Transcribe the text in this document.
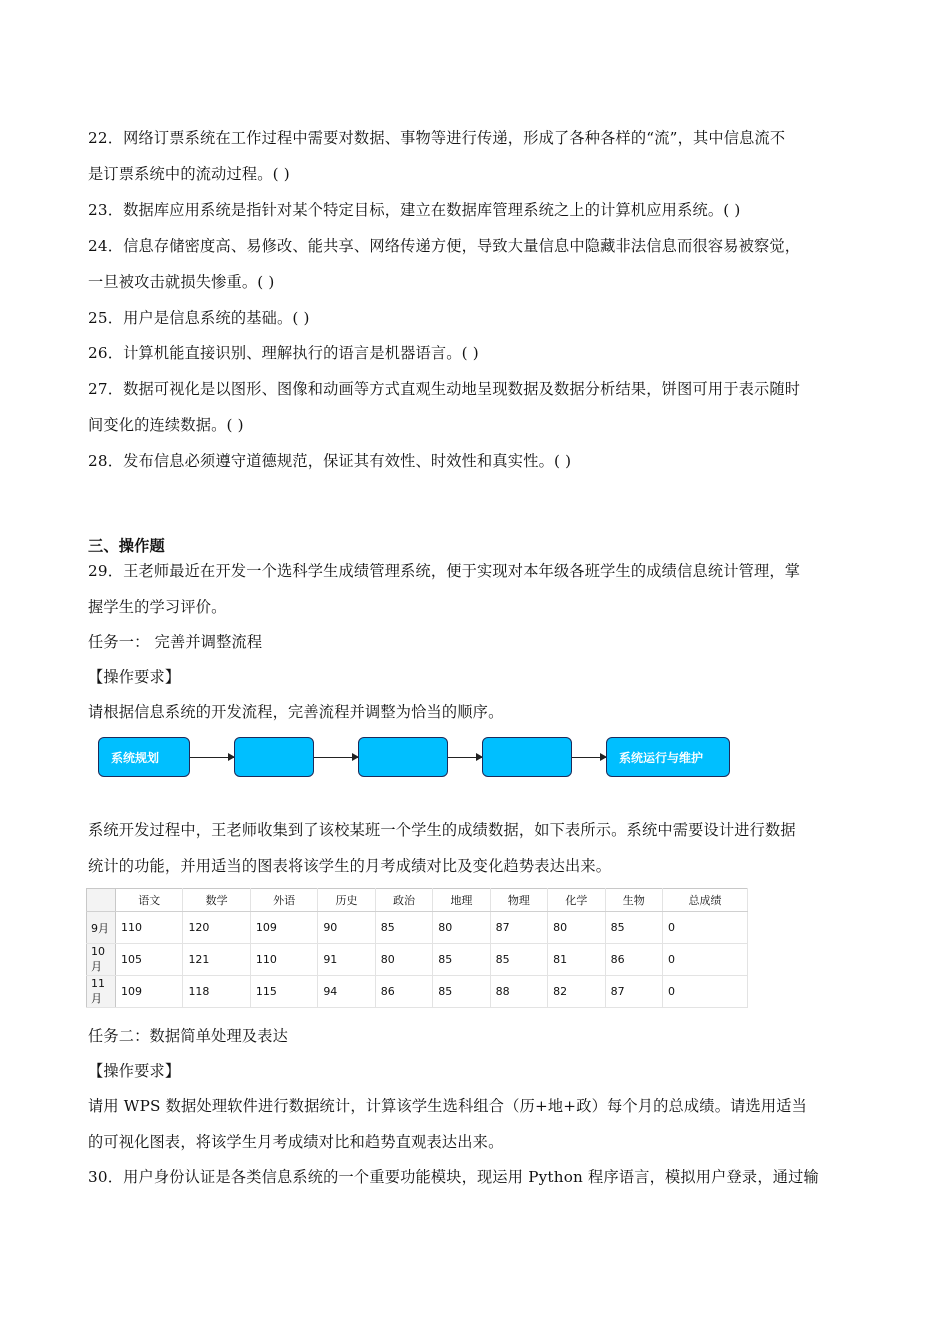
22．网络订票系统在工作过程中需要对数据、事物等进行传递，形成了各种各样的“流”，其中信息流不
是订票系统中的流动过程。( )
23．数据库应用系统是指针对某个特定目标，建立在数据库管理系统之上的计算机应用系统。( )
24．信息存储密度高、易修改、能共享、网络传递方便，导致大量信息中隐藏非法信息而很容易被察觉，
一旦被攻击就损失惨重。( )
25．用户是信息系统的基础。( )
26．计算机能直接识别、理解执行的语言是机器语言。( )
27．数据可视化是以图形、图像和动画等方式直观生动地呈现数据及数据分析结果，饼图可用于表示随时
间变化的连续数据。( )
28．发布信息必须遵守道德规范，保证其有效性、时效性和真实性。( )
三、操作题
29．王老师最近在开发一个选科学生成绩管理系统，便于实现对本年级各班学生的成绩信息统计管理，掌
握学生的学习评价。
任务一： 完善并调整流程
【操作要求】
请根据信息系统的开发流程，完善流程并调整为恰当的顺序。
系统规划	系统运行与维护
系统开发过程中，王老师收集到了该校某班一个学生的成绩数据，如下表所示。系统中需要设计进行数据
统计的功能，并用适当的图表将该学生的月考成绩对比及变化趋势表达出来。
	语文	数学	外语	历史	政治	地理	物理	化学	生物	总成绩
9月	110	120	109	90	85	80	87	80	85	0
10月	105	121	110	91	80	85	85	81	86	0
11月	109	118	115	94	86	85	88	82	87	0
任务二：数据简单处理及表达
【操作要求】
请用 WPS 数据处理软件进行数据统计，计算该学生选科组合（历+地+政）每个月的总成绩。请选用适当
的可视化图表，将该学生月考成绩对比和趋势直观表达出来。
30．用户身份认证是各类信息系统的一个重要功能模块，现运用 Python 程序语言，模拟用户登录，通过输
